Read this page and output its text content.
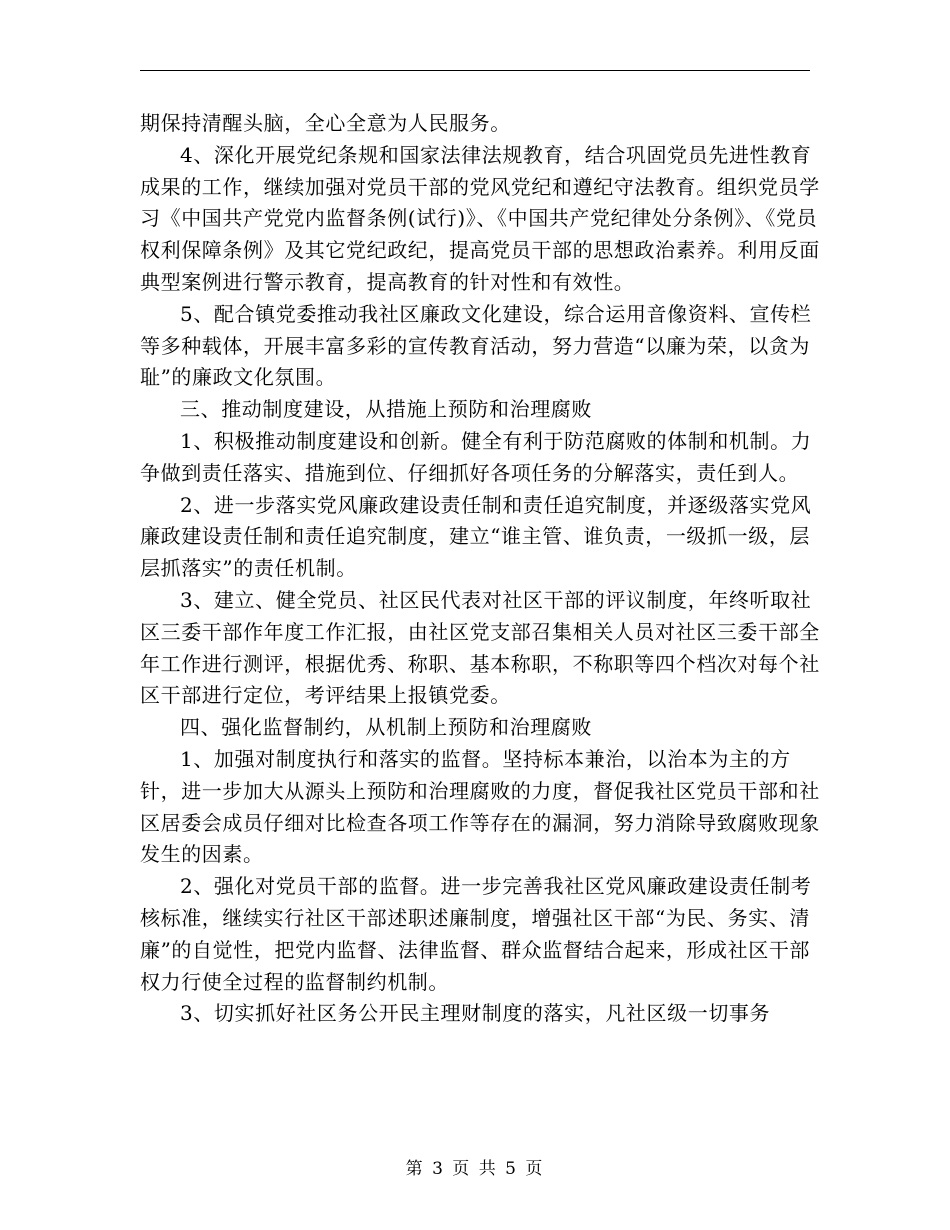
期保持清醒头脑，全心全意为人民服务。

4、深化开展党纪条规和国家法律法规教育，结合巩固党员先进性教育成果的工作，继续加强对党员干部的党风党纪和遵纪守法教育。组织党员学习《中国共产党党内监督条例(试行)》、《中国共产党纪律处分条例》、《党员权利保障条例》及其它党纪政纪，提高党员干部的思想政治素养。利用反面典型案例进行警示教育，提高教育的针对性和有效性。

5、配合镇党委推动我社区廉政文化建设，综合运用音像资料、宣传栏等多种载体，开展丰富多彩的宣传教育活动，努力营造“以廉为荣，以贪为耻”的廉政文化氛围。

三、推动制度建设，从措施上预防和治理腐败

1、积极推动制度建设和创新。健全有利于防范腐败的体制和机制。力争做到责任落实、措施到位、仔细抓好各项任务的分解落实，责任到人。

2、进一步落实党风廉政建设责任制和责任追究制度，并逐级落实党风廉政建设责任制和责任追究制度，建立“谁主管、谁负责，一级抓一级，层层抓落实”的责任机制。

3、建立、健全党员、社区民代表对社区干部的评议制度，年终听取社区三委干部作年度工作汇报，由社区党支部召集相关人员对社区三委干部全年工作进行测评，根据优秀、称职、基本称职，不称职等四个档次对每个社区干部进行定位，考评结果上报镇党委。

四、强化监督制约，从机制上预防和治理腐败

1、加强对制度执行和落实的监督。坚持标本兼治，以治本为主的方针，进一步加大从源头上预防和治理腐败的力度，督促我社区党员干部和社区居委会成员仔细对比检查各项工作等存在的漏洞，努力消除导致腐败现象发生的因素。

2、强化对党员干部的监督。进一步完善我社区党风廉政建设责任制考核标准，继续实行社区干部述职述廉制度，增强社区干部“为民、务实、清廉”的自觉性，把党内监督、法律监督、群众监督结合起来，形成社区干部权力行使全过程的监督制约机制。

3、切实抓好社区务公开民主理财制度的落实，凡社区级一切事务

第 3 页 共 5 页
